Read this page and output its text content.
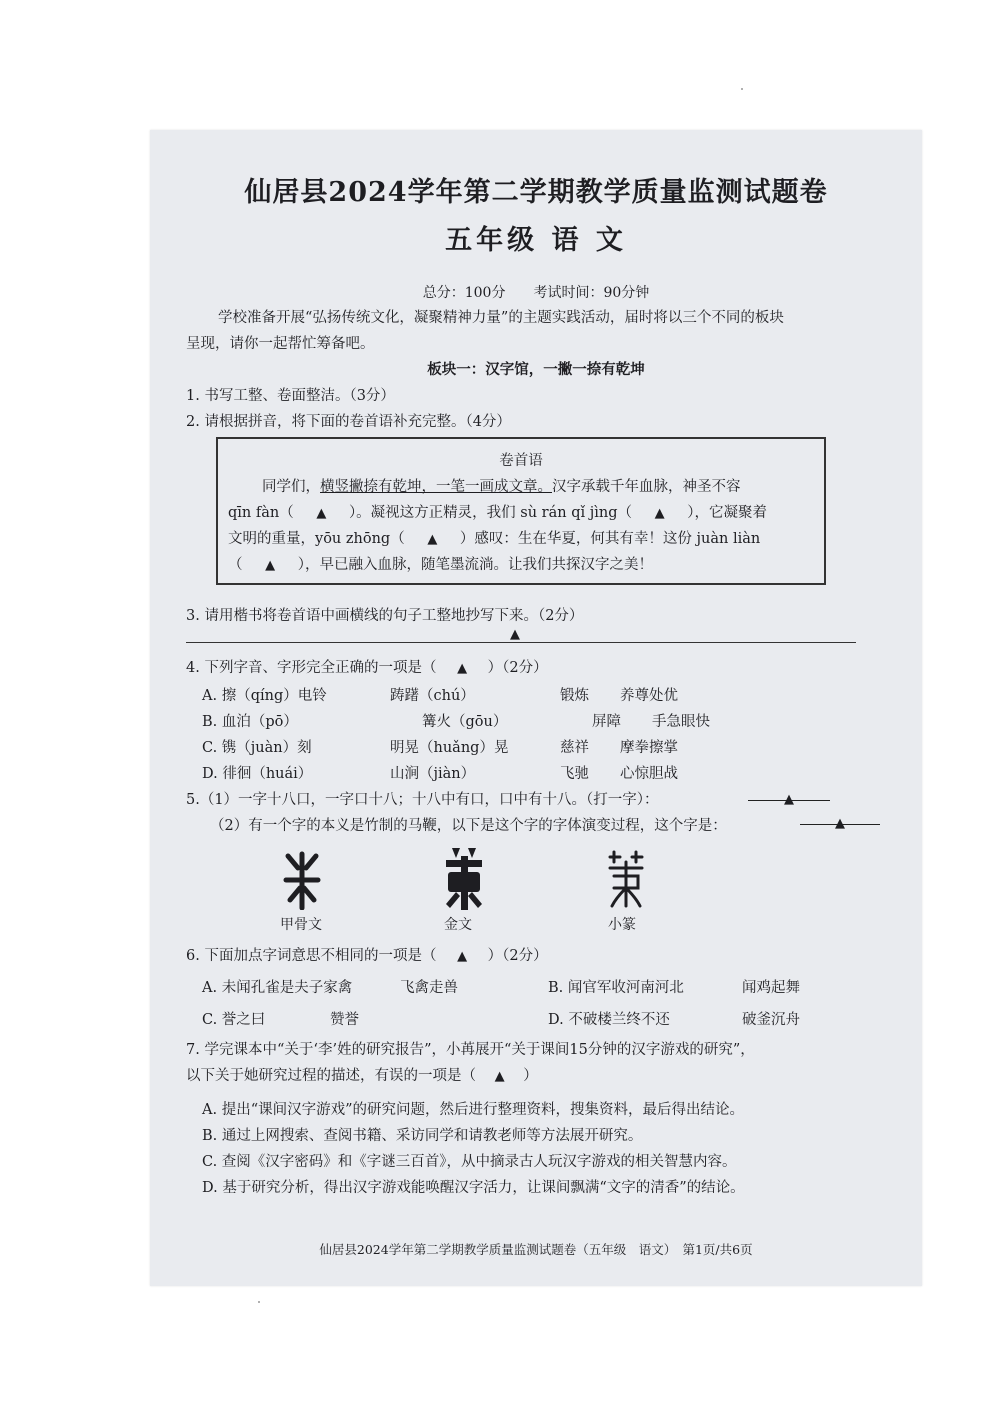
仙居县2024学年第二学期教学质量监测试题卷
五年级 语 文
总分：100分　　考试时间：90分钟
学校准备开展“弘扬传统文化，凝聚精神力量”的主题实践活动，届时将以三个不同的板块
呈现，请你一起帮忙筹备吧。
板块一：汉字馆，一撇一捺有乾坤
1. 书写工整、卷面整洁。（3分）
2. 请根据拼音，将下面的卷首语补充完整。（4分）
卷首语
同学们，横竖撇捺有乾坤，一笔一画成文章。汉字承载千年血脉，神圣不容
qīn fàn（ ▲ ）。凝视这方正精灵，我们 sù rán qǐ jìng（ ▲ ），它凝聚着
文明的重量，yōu zhōng（ ▲ ）感叹：生在华夏，何其有幸！这份 juàn liàn
（ ▲ ），早已融入血脉，随笔墨流淌。让我们共探汉字之美！
3. 请用楷书将卷首语中画横线的句子工整地抄写下来。（2分）
▲
4. 下列字音、字形完全正确的一项是（ ▲ ）（2分）
A. 擦（qíng）电铃	踌躇（chú）	锻炼 养尊处优
B. 血泊（pō）	篝火（gōu）	屏障 手急眼快
C. 镌（juàn）刻	明晃（huǎng）晃	慈祥 摩拳擦掌
D. 徘徊（huái）	山涧（jiàn）	飞驰 心惊胆战
5.（1）一字十八口，一字口十八；十八中有口，口中有十八。（打一字）：	▲
（2）有一个字的本义是竹制的马鞭，以下是这个字的字体演变过程，这个字是：	▲
甲骨文	金文	小篆
6. 下面加点字词意思不相同的一项是（ ▲ ）（2分）
A. 未闻孔雀是夫子家禽	飞禽走兽	B. 闻官军收河南河北	闻鸡起舞
C. 誉之曰	赞誉	D. 不破楼兰终不还	破釜沉舟
7. 学完课本中“关于‘李’姓的研究报告”，小苒展开“关于课间15分钟的汉字游戏的研究”，
以下关于她研究过程的描述，有误的一项是（ ▲ ）
A. 提出“课间汉字游戏”的研究问题，然后进行整理资料，搜集资料，最后得出结论。
B. 通过上网搜索、查阅书籍、采访同学和请教老师等方法展开研究。
C. 查阅《汉字密码》和《字谜三百首》，从中摘录古人玩汉字游戏的相关智慧内容。
D. 基于研究分析，得出汉字游戏能唤醒汉字活力，让课间飘满“文字的清香”的结论。
仙居县2024学年第二学期教学质量监测试题卷（五年级　语文）　第1页/共6页
